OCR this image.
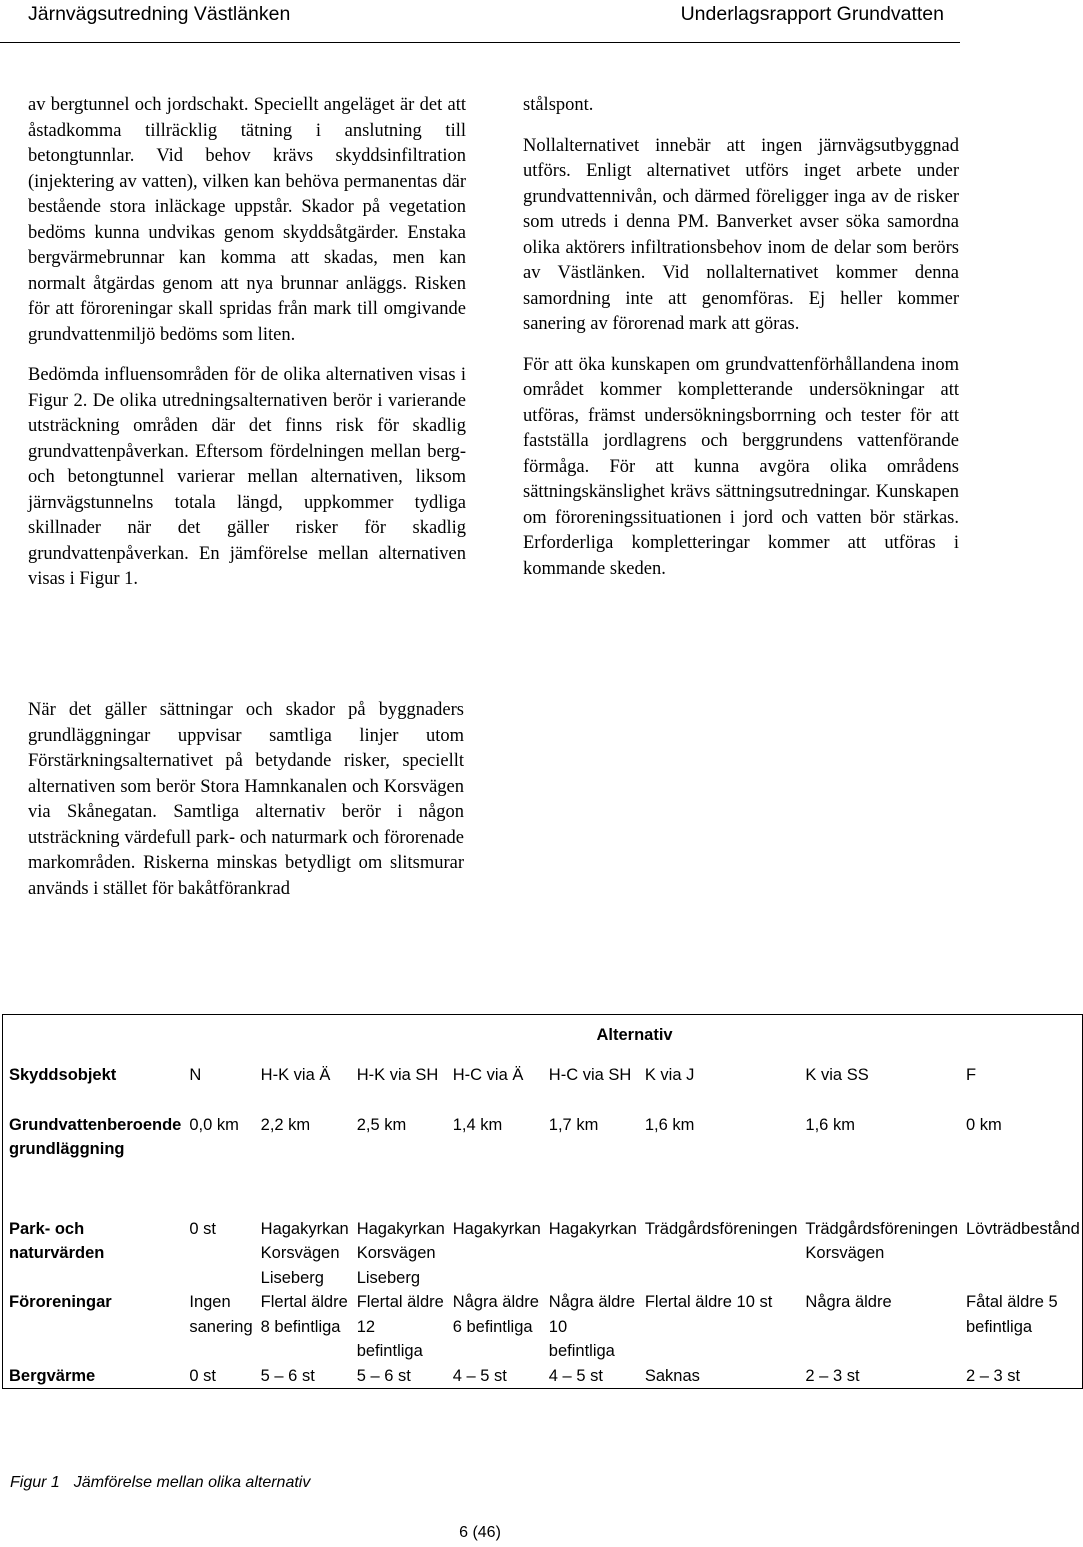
Järnvägsutredning Västlänken	Underlagsrapport Grundvatten

av bergtunnel och jordschakt. Speciellt angeläget är det att åstadkomma tillräcklig tätning i anslutning till betongtunnlar. Vid behov krävs skyddsinfiltration (injektering av vatten), vilken kan behöva permanentas där bestående stora inläckage uppstår. Skador på vegetation bedöms kunna undvikas genom skyddsåtgärder. Enstaka bergvärmebrunnar kan komma att skadas, men kan normalt åtgärdas genom att nya brunnar anläggs. Risken för att föroreningar skall spridas från mark till omgivande grundvattenmiljö bedöms som liten.

Bedömda influensområden för de olika alternativen visas i Figur 2. De olika utredningsalternativen berör i varierande utsträckning områden där det finns risk för skadlig grundvattenpåverkan. Eftersom fördelningen mellan berg- och betongtunnel varierar mellan alternativen, liksom järnvägstunnelns totala längd, uppkommer tydliga skillnader när det gäller risker för skadlig grundvattenpåverkan. En jämförelse mellan alternativen visas i Figur 1.

stålspont.

Nollalternativet innebär att ingen järnvägsutbyggnad utförs. Enligt alternativet utförs inget arbete under grundvattennivån, och därmed föreligger inga av de risker som utreds i denna PM. Banverket avser söka samordna olika aktörers infiltrationsbehov inom de delar som berörs av Västlänken. Vid nollalternativet kommer denna samordning inte att genomföras. Ej heller kommer sanering av förorenad mark att göras.

För att öka kunskapen om grundvattenförhållandena inom området kommer kompletterande undersökningar att utföras, främst undersökningsborrning och tester för att fastställa jordlagrens och berggrundens vattenförande förmåga. För att kunna avgöra olika områdens sättningskänslighet krävs sättningsutredningar. Kunskapen om föroreningssituationen i jord och vatten bör stärkas. Erforderliga kompletteringar kommer att utföras i kommande skeden.

När det gäller sättningar och skador på byggnaders grundläggningar uppvisar samtliga linjer utom Förstärkningsalternativet på betydande risker, speciellt alternativen som berör Stora Hamnkanalen och Korsvägen via Skånegatan. Samtliga alternativ berör i någon utsträckning värdefull park- och naturmark och förorenade markområden. Riskerna minskas betydligt om slitsmurar används i stället för bakåtförankrad

	Alternativ							
Skyddsobjekt	N	H-K via Ä	H-K via SH	H-C via Ä	H-C via SH	K via J	K via SS	F
Grundvattenberoende grundläggning	0,0 km	2,2 km	2,5 km	1,4 km	1,7 km	1,6 km	1,6 km	0 km
Park- och naturvärden	0 st	Hagakyrkan Korsvägen Liseberg	Hagakyrkan Korsvägen Liseberg	Hagakyrkan	Hagakyrkan	Trädgårdsföreningen	Trädgårdsföreningen Korsvägen	Lövträdbestånd
Föroreningar	Ingen sanering	Flertal äldre 8 befintliga	Flertal äldre 12 befintliga	Några äldre 6 befintliga	Några äldre 10 befintliga	Flertal äldre 10 st	Några äldre	Fåtal äldre 5 befintliga
Bergvärme	0 st	5 – 6 st	5 – 6 st	4 – 5 st	4 – 5 st	Saknas	2 – 3 st	2 – 3 st
Figur 1 Jämförelse mellan olika alternativ
6 (46)
